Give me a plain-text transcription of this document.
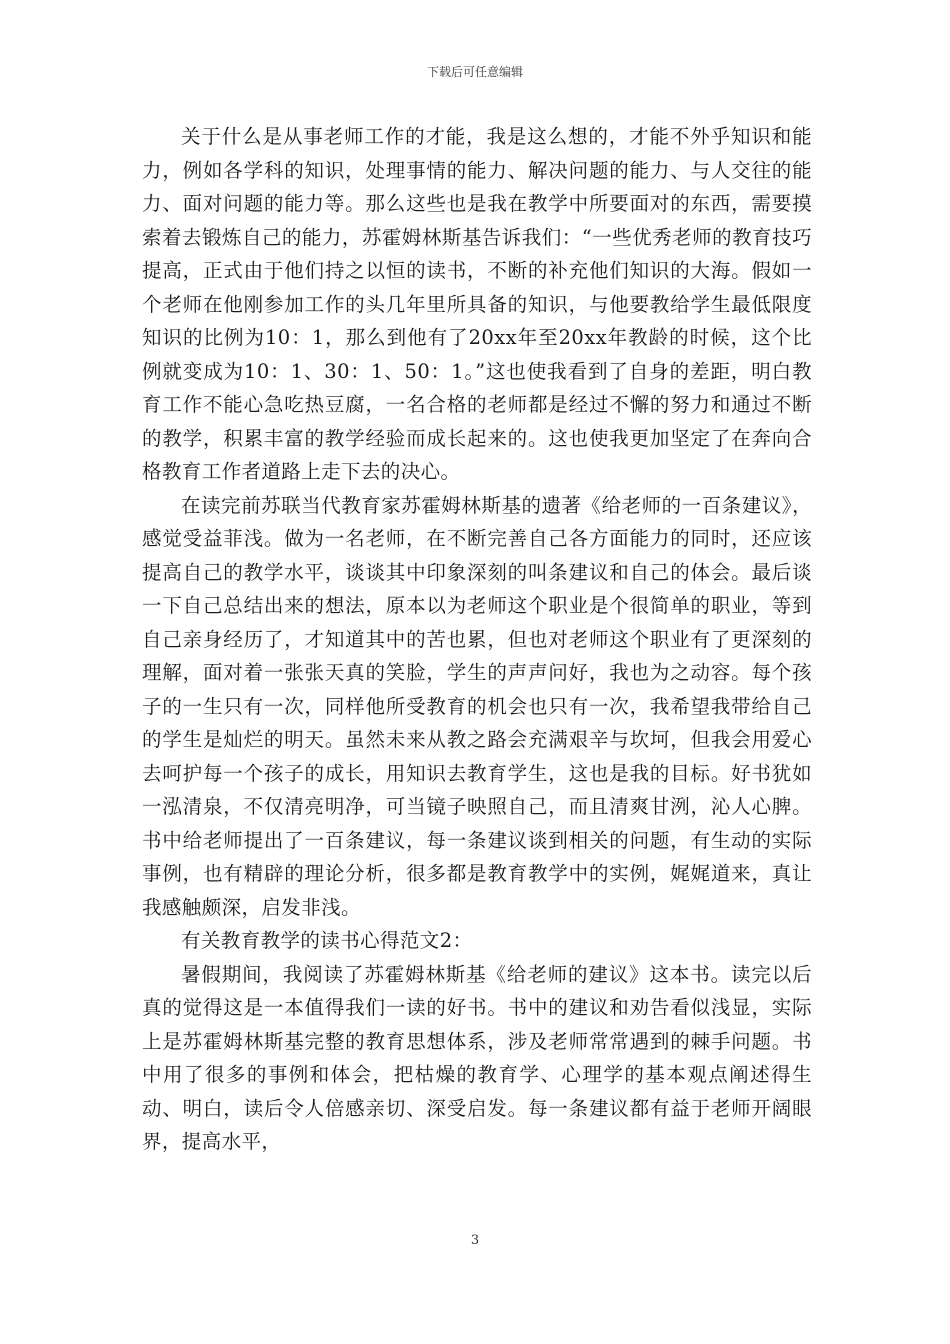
下载后可任意编辑

关于什么是从事老师工作的才能，我是这么想的，才能不外乎知识和能力，例如各学科的知识，处理事情的能力、解决问题的能力、与人交往的能力、面对问题的能力等。那么这些也是我在教学中所要面对的东西，需要摸索着去锻炼自己的能力，苏霍姆林斯基告诉我们：“一些优秀老师的教育技巧提高，正式由于他们持之以恒的读书，不断的补充他们知识的大海。假如一个老师在他刚参加工作的头几年里所具备的知识，与他要教给学生最低限度知识的比例为10：1，那么到他有了20xx年至20xx年教龄的时候，这个比例就变成为10：1、30：1、50：1。”这也使我看到了自身的差距，明白教育工作不能心急吃热豆腐，一名合格的老师都是经过不懈的努力和通过不断的教学，积累丰富的教学经验而成长起来的。这也使我更加坚定了在奔向合格教育工作者道路上走下去的决心。

在读完前苏联当代教育家苏霍姆林斯基的遗著《给老师的一百条建议》，感觉受益菲浅。做为一名老师，在不断完善自己各方面能力的同时，还应该提高自己的教学水平，谈谈其中印象深刻的叫条建议和自己的体会。最后谈一下自己总结出来的想法，原本以为老师这个职业是个很简单的职业，等到自己亲身经历了，才知道其中的苦也累，但也对老师这个职业有了更深刻的理解，面对着一张张天真的笑脸，学生的声声问好，我也为之动容。每个孩子的一生只有一次，同样他所受教育的机会也只有一次，我希望我带给自己的学生是灿烂的明天。虽然未来从教之路会充满艰辛与坎坷，但我会用爱心去呵护每一个孩子的成长，用知识去教育学生，这也是我的目标。好书犹如一泓清泉，不仅清亮明净，可当镜子映照自己，而且清爽甘洌，沁人心脾。书中给老师提出了一百条建议，每一条建议谈到相关的问题，有生动的实际事例，也有精辟的理论分析，很多都是教育教学中的实例，娓娓道来，真让我感触颇深，启发非浅。

有关教育教学的读书心得范文2：

暑假期间，我阅读了苏霍姆林斯基《给老师的建议》这本书。读完以后真的觉得这是一本值得我们一读的好书。书中的建议和劝告看似浅显，实际上是苏霍姆林斯基完整的教育思想体系，涉及老师常常遇到的棘手问题。书中用了很多的事例和体会，把枯燥的教育学、心理学的基本观点阐述得生动、明白，读后令人倍感亲切、深受启发。每一条建议都有益于老师开阔眼界，提高水平，

3
